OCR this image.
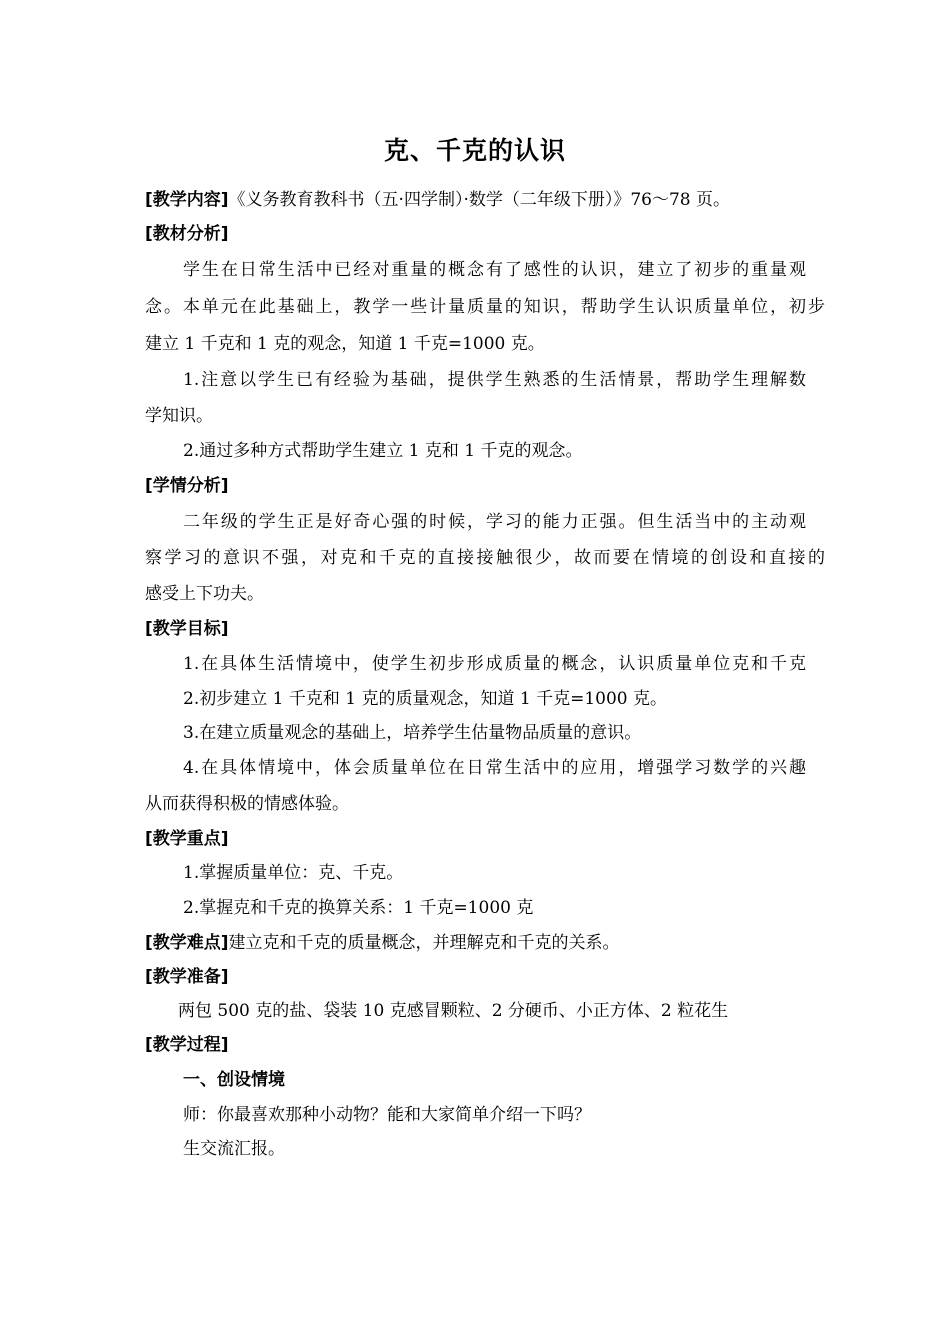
克、千克的认识
[教学内容]《义务教育教科书（五·四学制）·数学（二年级下册）》76～78 页。
[教材分析]
学生在日常生活中已经对重量的概念有了感性的认识，建立了初步的重量观
念。本单元在此基础上，教学一些计量质量的知识，帮助学生认识质量单位，初步
建立 1 千克和 1 克的观念，知道 1 千克=1000 克。
1.注意以学生已有经验为基础，提供学生熟悉的生活情景，帮助学生理解数
学知识。
2.通过多种方式帮助学生建立 1 克和 1 千克的观念。
[学情分析]
二年级的学生正是好奇心强的时候，学习的能力正强。但生活当中的主动观
察学习的意识不强，对克和千克的直接接触很少，故而要在情境的创设和直接的
感受上下功夫。
[教学目标]
1.在具体生活情境中，使学生初步形成质量的概念，认识质量单位克和千克
2.初步建立 1 千克和 1 克的质量观念，知道 1 千克=1000 克。
3.在建立质量观念的基础上，培养学生估量物品质量的意识。
4.在具体情境中，体会质量单位在日常生活中的应用，增强学习数学的兴趣
从而获得积极的情感体验。
[教学重点]
1.掌握质量单位：克、千克。
2.掌握克和千克的换算关系：1 千克=1000 克
[教学难点]建立克和千克的质量概念，并理解克和千克的关系。
[教学准备]
两包 500 克的盐、袋装 10 克感冒颗粒、2 分硬币、小正方体、2 粒花生
[教学过程]
一、创设情境
师：你最喜欢那种小动物？能和大家简单介绍一下吗？
生交流汇报。
